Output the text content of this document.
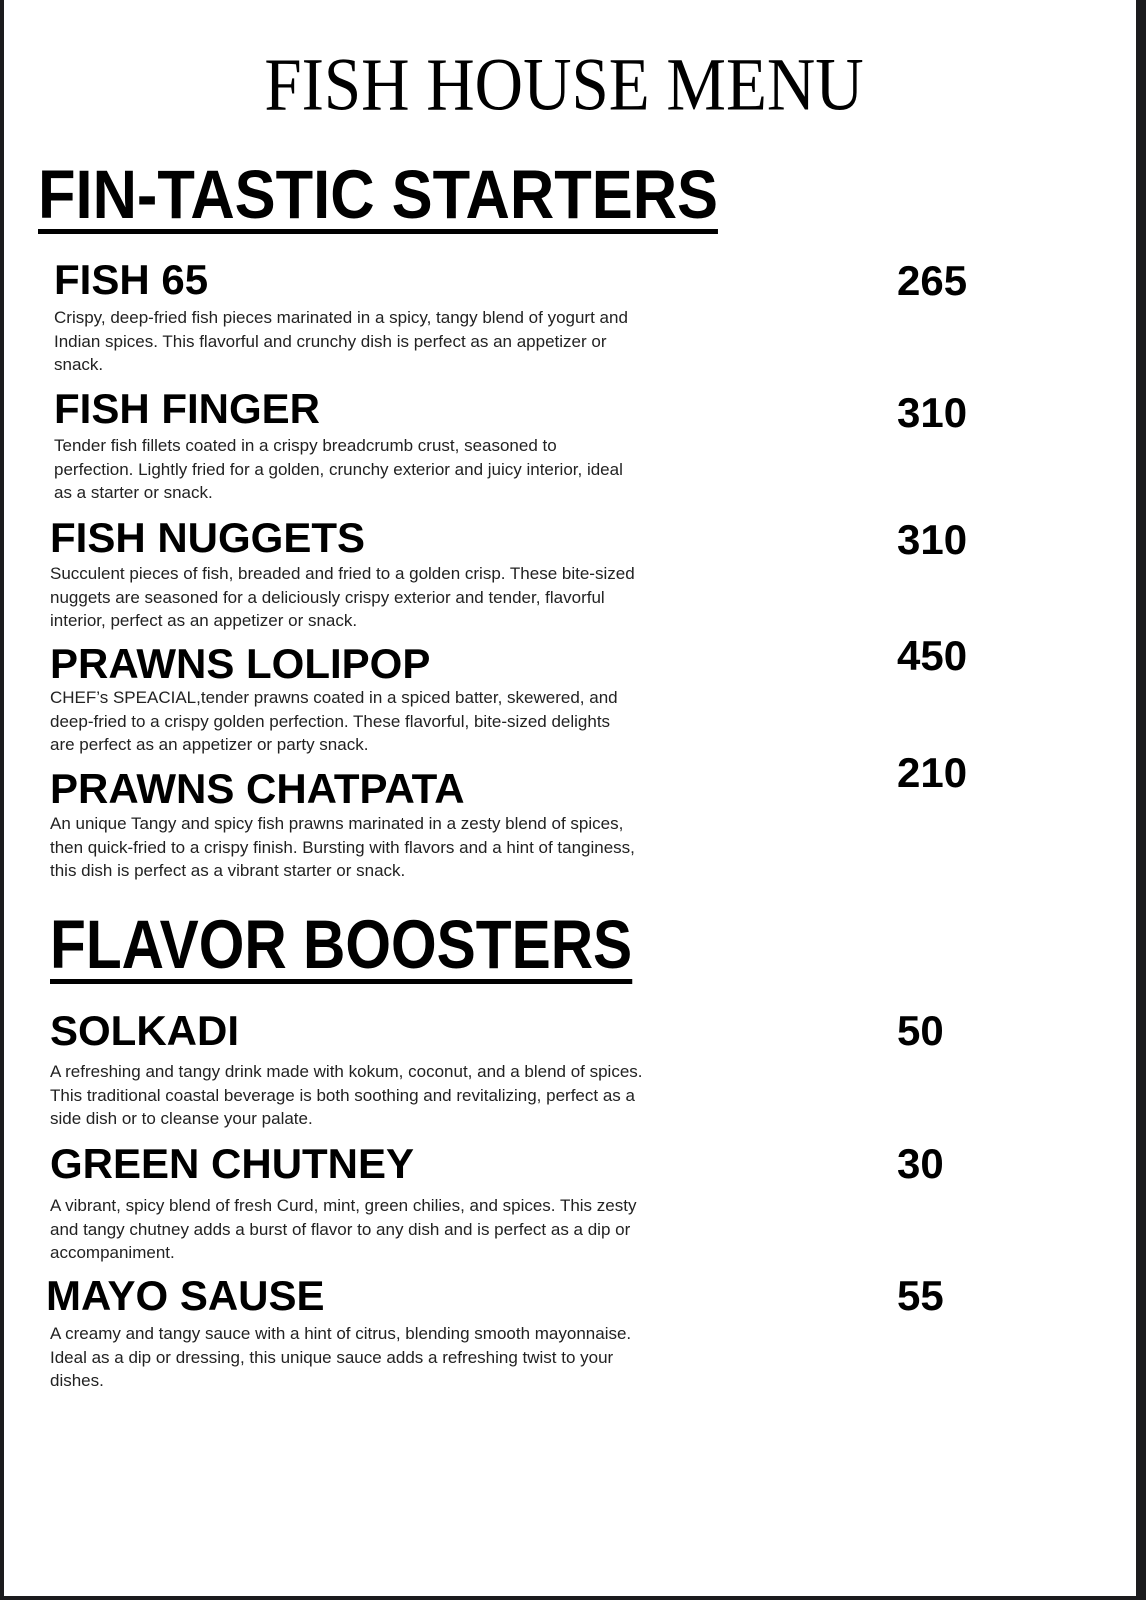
FISH HOUSE MENU
FIN-TASTIC STARTERS
FISH 65	265
Crispy, deep-fried fish pieces marinated in a spicy, tangy blend of yogurt and
Indian spices. This flavorful and crunchy dish is perfect as an appetizer or
snack.
FISH FINGER	310
Tender fish fillets coated in a crispy breadcrumb crust, seasoned to
perfection. Lightly fried for a golden, crunchy exterior and juicy interior, ideal
as a starter or snack.
FISH NUGGETS	310
Succulent pieces of fish, breaded and fried to a golden crisp. These bite-sized
nuggets are seasoned for a deliciously crispy exterior and tender, flavorful
interior, perfect as an appetizer or snack.
PRAWNS LOLIPOP	450
CHEF’s SPEACIAL,tender prawns coated in a spiced batter, skewered, and
deep-fried to a crispy golden perfection. These flavorful, bite-sized delights
are perfect as an appetizer or party snack.
PRAWNS CHATPATA	210
An unique Tangy and spicy fish prawns marinated in a zesty blend of spices,
then quick-fried to a crispy finish. Bursting with flavors and a hint of tanginess,
this dish is perfect as a vibrant starter or snack.
FLAVOR BOOSTERS
SOLKADI	50
A refreshing and tangy drink made with kokum, coconut, and a blend of spices.
This traditional coastal beverage is both soothing and revitalizing, perfect as a
side dish or to cleanse your palate.
GREEN CHUTNEY	30
A vibrant, spicy blend of fresh Curd, mint, green chilies, and spices. This zesty
and tangy chutney adds a burst of flavor to any dish and is perfect as a dip or
accompaniment.
MAYO SAUSE	55
A creamy and tangy sauce with a hint of citrus, blending smooth mayonnaise.
Ideal as a dip or dressing, this unique sauce adds a refreshing twist to your
dishes.
